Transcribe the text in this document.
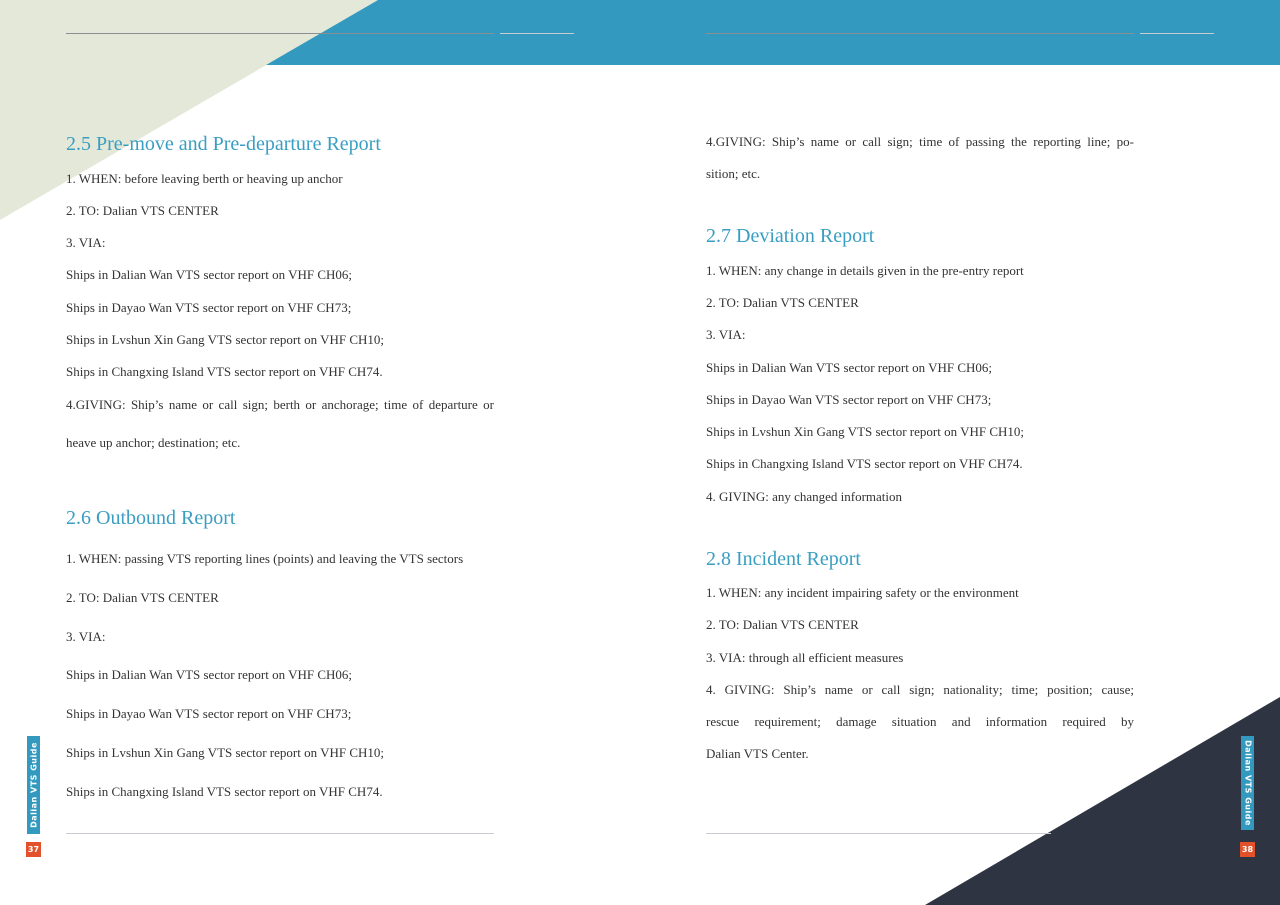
2.5 Pre-move and Pre-departure Report
1. WHEN: before leaving berth or heaving up anchor
2. TO: Dalian VTS CENTER
3. VIA:
Ships in Dalian Wan VTS sector report on VHF CH06;
Ships in Dayao Wan VTS sector report on VHF CH73;
Ships in Lvshun Xin Gang VTS sector report on VHF CH10;
Ships in Changxing Island VTS sector report on VHF CH74.
4.GIVING: Ship’s name or call sign; berth or anchorage; time of departure or
heave up anchor; destination; etc.
2.6 Outbound Report
1. WHEN: passing VTS reporting lines (points) and leaving the VTS sectors
2. TO: Dalian VTS CENTER
3. VIA:
Ships in Dalian Wan VTS sector report on VHF CH06;
Ships in Dayao Wan VTS sector report on VHF CH73;
Ships in Lvshun Xin Gang VTS sector report on VHF CH10;
Ships in Changxing Island VTS sector report on VHF CH74.
Dalian VTS Guide
37
4.GIVING: Ship’s name or call sign; time of passing the reporting line; po-
sition; etc.
2.7 Deviation Report
1. WHEN: any change in details given in the pre-entry report
2. TO: Dalian VTS CENTER
3. VIA:
Ships in Dalian Wan VTS sector report on VHF CH06;
Ships in Dayao Wan VTS sector report on VHF CH73;
Ships in Lvshun Xin Gang VTS sector report on VHF CH10;
Ships in Changxing Island VTS sector report on VHF CH74.
4. GIVING: any changed information
2.8 Incident Report
1. WHEN: any incident impairing safety or the environment
2. TO: Dalian VTS CENTER
3. VIA: through all efficient measures
4. GIVING: Ship’s name or call sign; nationality; time; position; cause;
rescue requirement; damage situation and information required by
Dalian VTS Center.	Dalian VTS Guide
38
